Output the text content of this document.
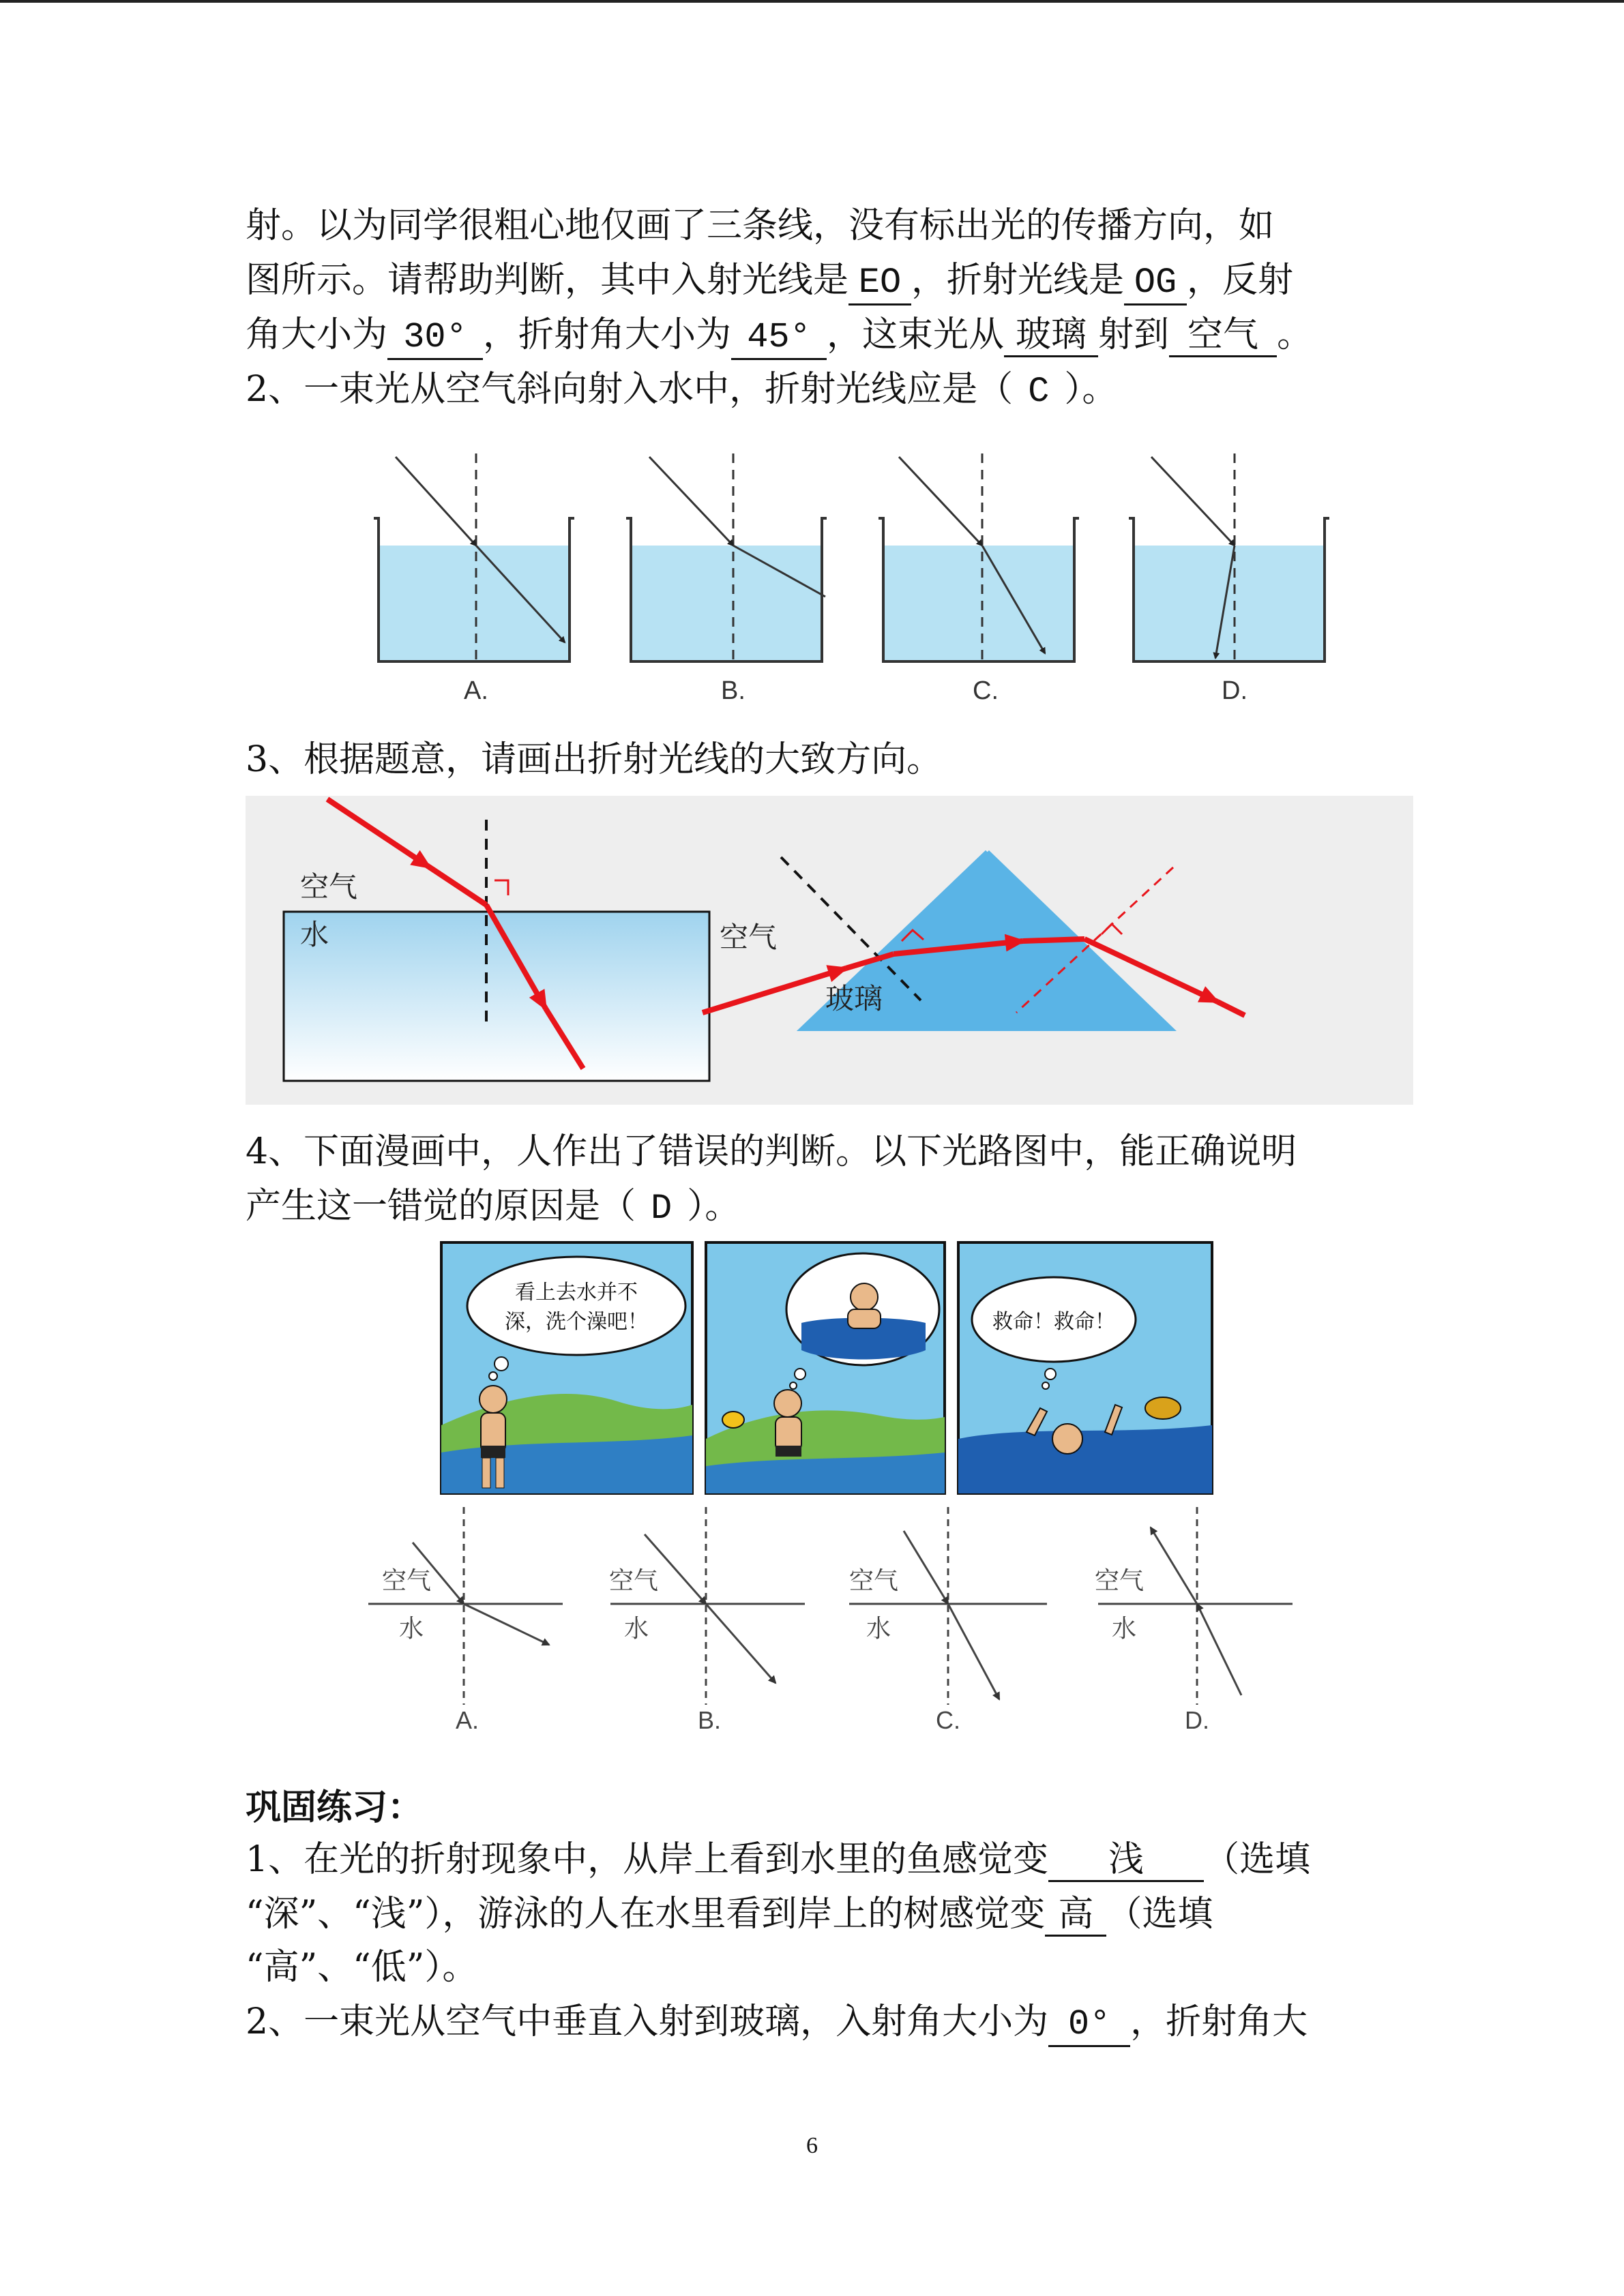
射。以为同学很粗心地仅画了三条线，没有标出光的传播方向，如
图所示。请帮助判断，其中入射光线是 EO ，折射光线是 OG ，反射
角大小为 30° ，折射角大小为 45° ，这束光从 玻璃 射到 空气 。
2、一束光从空气斜向射入水中，折射光线应是（ C ）。
A.	B.	C.	D.
3、根据题意，请画出折射光线的大致方向。
空气
水	空气
玻璃
4、下面漫画中，人作出了错误的判断。以下光路图中，能正确说明
产生这一错觉的原因是（ D ）。
看上去水并不
深，洗个澡吧！	救命！救命！
空气
水
空气
水
空气
水
空气
水
A.	B.	C.	D.
巩固练习：
1、在光的折射现象中，从岸上看到水里的鱼感觉变 浅 （选填
“深”、“浅”），游泳的人在水里看到岸上的树感觉变 高 （选填
“高”、“低”）。
2、一束光从空气中垂直入射到玻璃，入射角大小为 0° ，折射角大
6
